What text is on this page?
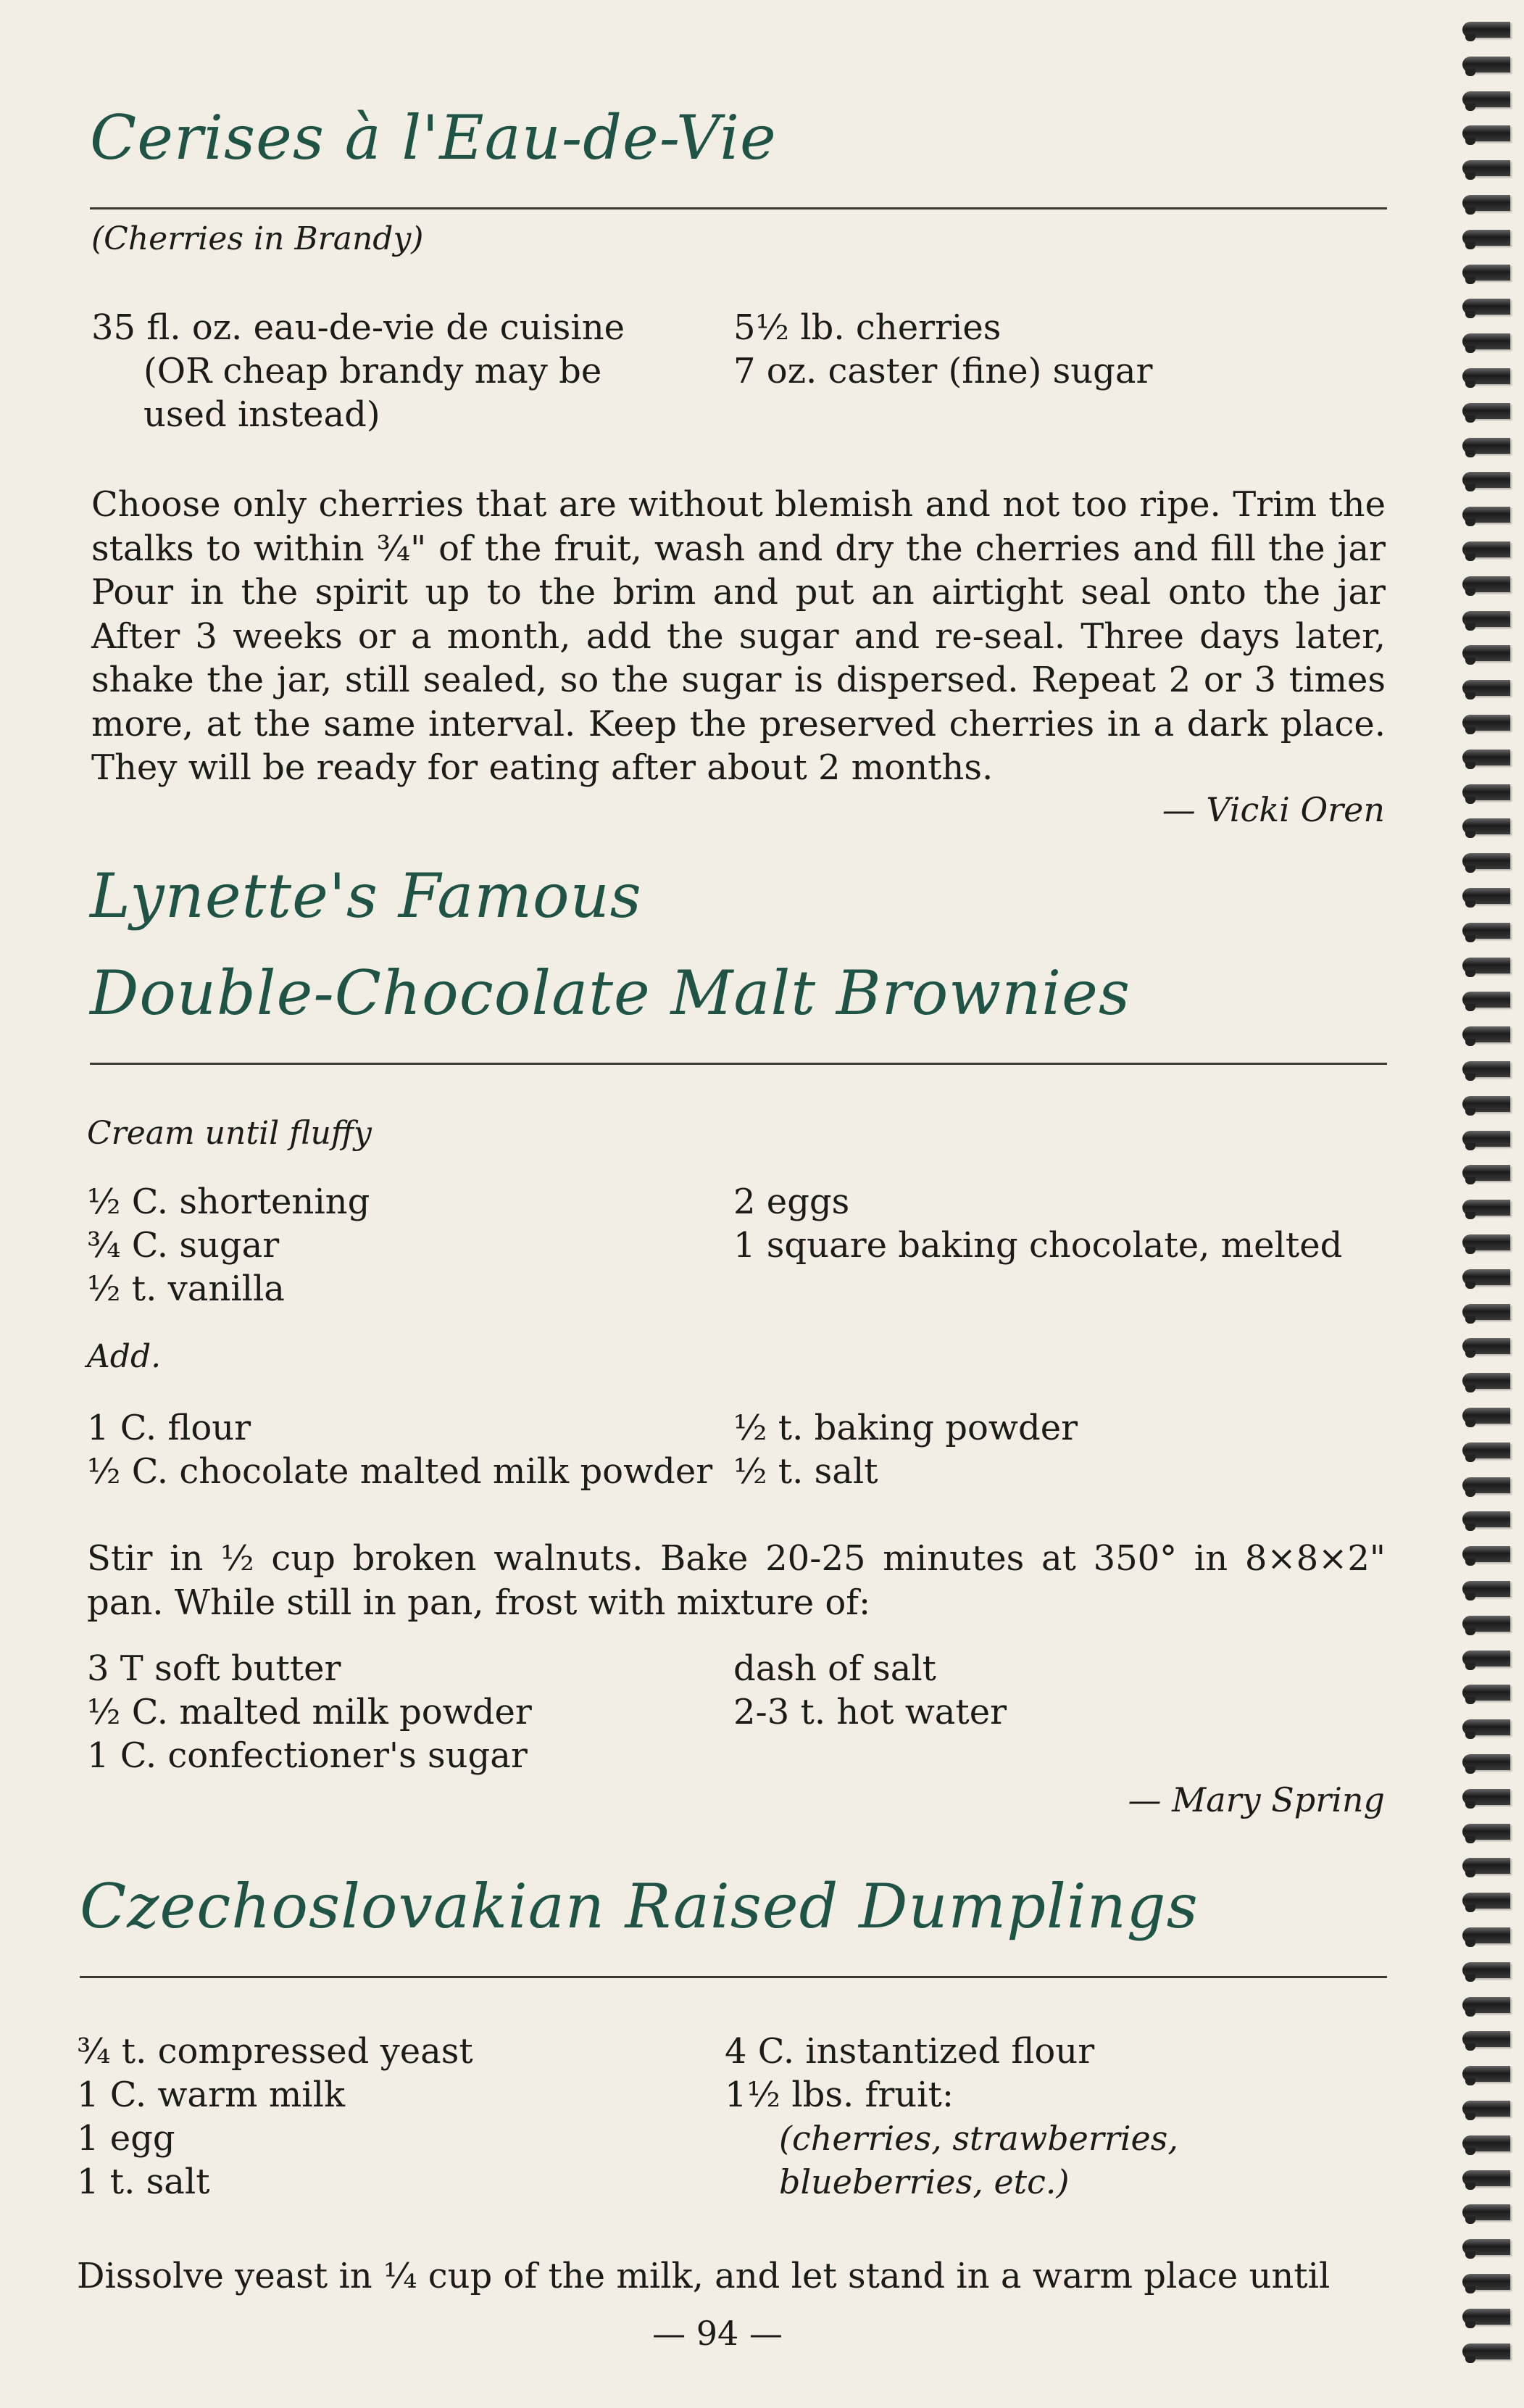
Cerises à l'Eau-de-Vie
(Cherries in Brandy)
35 fl. oz. eau-de-vie de cuisine
(OR cheap brandy may be
used instead)
5½ lb. cherries
7 oz. caster (fine) sugar
Choose only cherries that are without blemish and not too ripe. Trim the stalks to within ¾" of the fruit, wash and dry the cherries and fill the jar Pour in the spirit up to the brim and put an airtight seal onto the jar After 3 weeks or a month, add the sugar and re-seal. Three days later, shake the jar, still sealed, so the sugar is dispersed. Repeat 2 or 3 times more, at the same interval. Keep the preserved cherries in a dark place. They will be ready for eating after about 2 months.
— Vicki Oren
Lynette's Famous
Double-Chocolate Malt Brownies
Cream until fluffy
½ C. shortening
¾ C. sugar
½ t. vanilla
2 eggs
1 square baking chocolate, melted
Add.
1 C. flour
½ C. chocolate malted milk powder
½ t. baking powder
½ t. salt
Stir in ½ cup broken walnuts. Bake 20-25 minutes at 350° in 8×8×2" pan. While still in pan, frost with mixture of:
3 T soft butter
½ C. malted milk powder
1 C. confectioner's sugar
dash of salt
2-3 t. hot water
— Mary Spring
Czechoslovakian Raised Dumplings
¾ t. compressed yeast
1 C. warm milk
1 egg
1 t. salt
4 C. instantized flour
1½ lbs. fruit:
(cherries, strawberries,
blueberries, etc.)
Dissolve yeast in ¼ cup of the milk, and let stand in a warm place until
— 94 —
